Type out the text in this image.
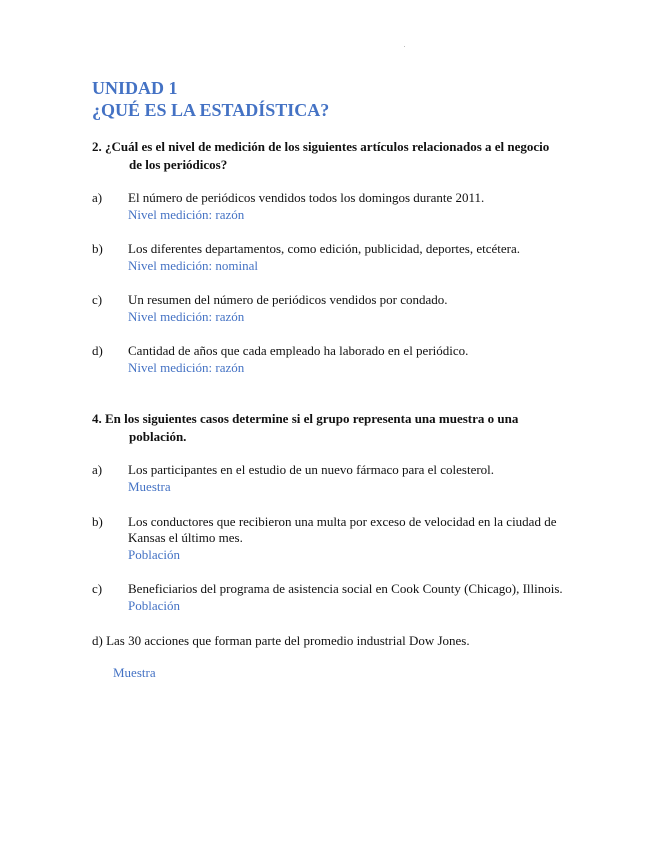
UNIDAD 1
¿QUÉ ES LA ESTADÍSTICA?
2. ¿Cuál es el nivel de medición de los siguientes artículos relacionados a el negocio
de los periódicos?
a) El número de periódicos vendidos todos los domingos durante 2011.
Nivel medición: razón
b) Los diferentes departamentos, como edición, publicidad, deportes, etcétera.
Nivel medición: nominal
c) Un resumen del número de periódicos vendidos por condado.
Nivel medición: razón
d) Cantidad de años que cada empleado ha laborado en el periódico.
Nivel medición: razón
4. En los siguientes casos determine si el grupo representa una muestra o una
población.
a) Los participantes en el estudio de un nuevo fármaco para el colesterol.
Muestra
b) Los conductores que recibieron una multa por exceso de velocidad en la ciudad de Kansas el último mes.
Población
c) Beneficiarios del programa de asistencia social en Cook County (Chicago), Illinois.
Población
d) Las 30 acciones que forman parte del promedio industrial Dow Jones.
Muestra
